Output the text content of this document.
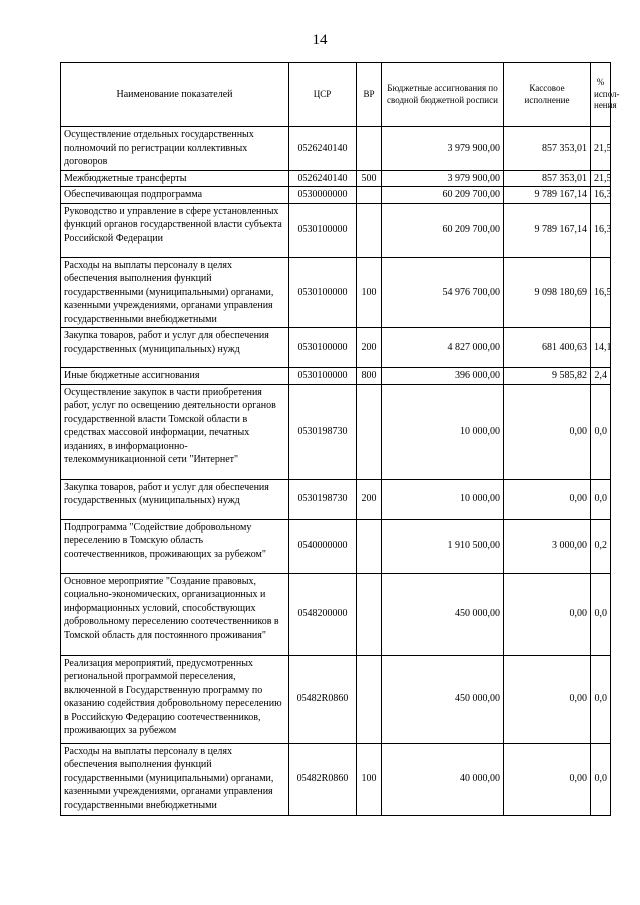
14
Наименование показателей	ЦСР	ВР	Бюджетные ассигнования по сводной бюджетной росписи	Кассовое исполнение	% испол-нения
Осуществление отдельных государственных полномочий по регистрации коллективных договоров	0526240140		3 979 900,00	857 353,01	21,5
Межбюджетные трансферты	0526240140	500	3 979 900,00	857 353,01	21,5
Обеспечивающая подпрограмма	0530000000		60 209 700,00	9 789 167,14	16,3
Руководство и управление в сфере установленных функций органов государственной власти субъекта Российской Федерации	0530100000		60 209 700,00	9 789 167,14	16,3
Расходы на выплаты персоналу в целях обеспечения выполнения функций государственными (муниципальными) органами, казенными учреждениями, органами управления государственными внебюджетными	0530100000	100	54 976 700,00	9 098 180,69	16,5
Закупка товаров, работ и услуг для обеспечения государственных (муниципальных) нужд	0530100000	200	4 827 000,00	681 400,63	14,1
Иные бюджетные ассигнования	0530100000	800	396 000,00	9 585,82	2,4
Осуществление закупок в части приобретения работ, услуг по освещению деятельности органов государственной власти Томской области в средствах массовой информации, печатных изданиях, в информационно-телекоммуникационной сети "Интернет"	0530198730		10 000,00	0,00	0,0
Закупка товаров, работ и услуг для обеспечения государственных (муниципальных) нужд	0530198730	200	10 000,00	0,00	0,0
Подпрограмма "Содействие добровольному переселению в Томскую область соотечественников, проживающих за рубежом"	0540000000		1 910 500,00	3 000,00	0,2
Основное мероприятие "Создание правовых, социально-экономических, организационных и информационных условий, способствующих добровольному переселению соотечественников в Томской область для постоянного проживания"	0548200000		450 000,00	0,00	0,0
Реализация мероприятий, предусмотренных региональной программой переселения, включенной в Государственную программу по оказанию содействия добровольному переселению в Российскую Федерацию соотечественников, проживающих за рубежом	05482R0860		450 000,00	0,00	0,0
Расходы на выплаты персоналу в целях обеспечения выполнения функций государственными (муниципальными) органами, казенными учреждениями, органами управления государственными внебюджетными	05482R0860	100	40 000,00	0,00	0,0
